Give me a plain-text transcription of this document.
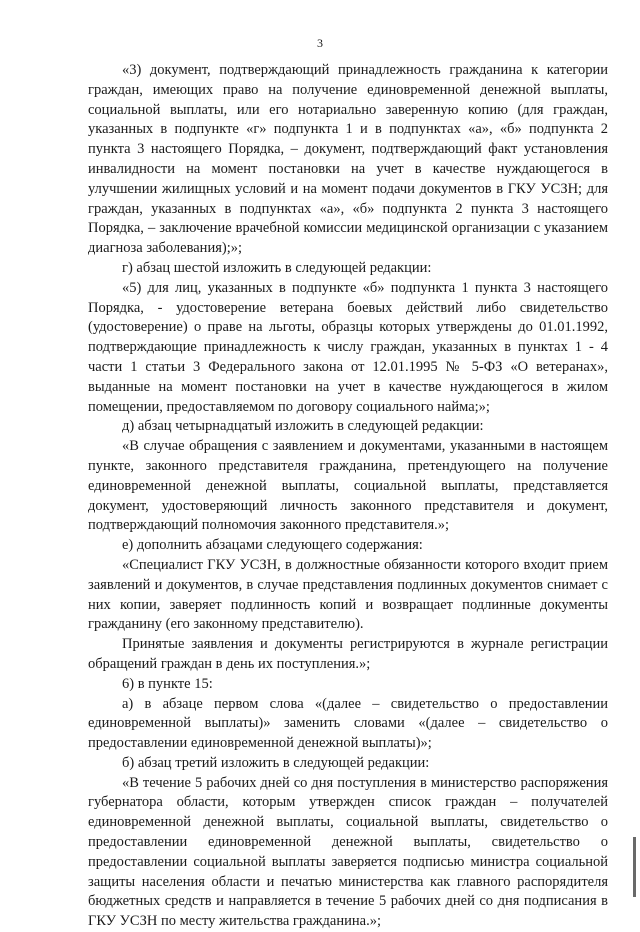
3

«3) документ, подтверждающий принадлежность гражданина к категории граждан, имеющих право на получение единовременной денежной выплаты, социальной выплаты, или его нотариально заверенную копию (для граждан, указанных в подпункте «г» подпункта 1 и в подпунктах «а», «б» подпункта 2 пункта 3 настоящего Порядка, – документ, подтверждающий факт установления инвалидности на момент постановки на учет в качестве нуждающегося в улучшении жилищных условий и на момент подачи документов в ГКУ УСЗН; для граждан, указанных в подпунктах «а», «б» подпункта 2 пункта 3 настоящего Порядка, – заключение врачебной комиссии медицинской организации с указанием диагноза заболевания);»;

г) абзац шестой изложить в следующей редакции:

«5) для лиц, указанных в подпункте «б» подпункта 1 пункта 3 настоящего Порядка, - удостоверение ветерана боевых действий либо свидетельство (удостоверение) о праве на льготы, образцы которых утверждены до 01.01.1992, подтверждающие принадлежность к числу граждан, указанных в пунктах 1 - 4 части 1 статьи 3 Федерального закона от 12.01.1995 № 5-ФЗ «О ветеранах», выданные на момент постановки на учет в качестве нуждающегося в жилом помещении, предоставляемом по договору социального найма;»;

д) абзац четырнадцатый изложить в следующей редакции:

«В случае обращения с заявлением и документами, указанными в настоящем пункте, законного представителя гражданина, претендующего на получение единовременной денежной выплаты, социальной выплаты, представляется документ, удостоверяющий личность законного представителя и документ, подтверждающий полномочия законного представителя.»;

е) дополнить абзацами следующего содержания:

«Специалист ГКУ УСЗН, в должностные обязанности которого входит прием заявлений и документов, в случае представления подлинных документов снимает с них копии, заверяет подлинность копий и возвращает подлинные документы гражданину (его законному представителю).

Принятые заявления и документы регистрируются в журнале регистрации обращений граждан в день их поступления.»;

6) в пункте 15:

а) в абзаце первом слова «(далее – свидетельство о предоставлении единовременной выплаты)» заменить словами «(далее – свидетельство о предоставлении единовременной денежной выплаты)»;

б) абзац третий изложить в следующей редакции:

«В течение 5 рабочих дней со дня поступления в министерство распоряжения губернатора области, которым утвержден список граждан – получателей единовременной денежной выплаты, социальной выплаты, свидетельство о предоставлении единовременной денежной выплаты, свидетельство о предоставлении социальной выплаты заверяется подписью министра социальной защиты населения области и печатью министерства как главного распорядителя бюджетных средств и направляется в течение 5 рабочих дней со дня подписания в ГКУ УСЗН по месту жительства гражданина.»;
